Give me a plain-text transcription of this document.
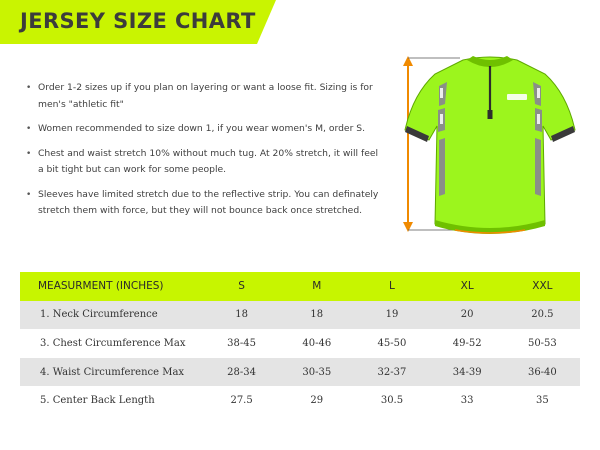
JERSEY SIZE CHART
• Order 1-2 sizes up if you plan on layering or want a loose fit. Sizing is for men's "athletic fit"
• Women recommended to size down 1, if you wear women's M, order S.
• Chest and waist stretch 10% without much tug. At 20% stretch, it will feel a bit tight but can work for some people.
• Sleeves have limited stretch due to the reflective strip. You can definately stretch them with force, but they will not bounce back once stretched.
MEASURMENT (INCHES)	S	M	L	XL	XXL
1. Neck Circumference	18	18	19	20	20.5
3. Chest Circumference Max	38-45	40-46	45-50	49-52	50-53
4. Waist Circumference Max	28-34	30-35	32-37	34-39	36-40
5. Center Back Length	27.5	29	30.5	33	35
